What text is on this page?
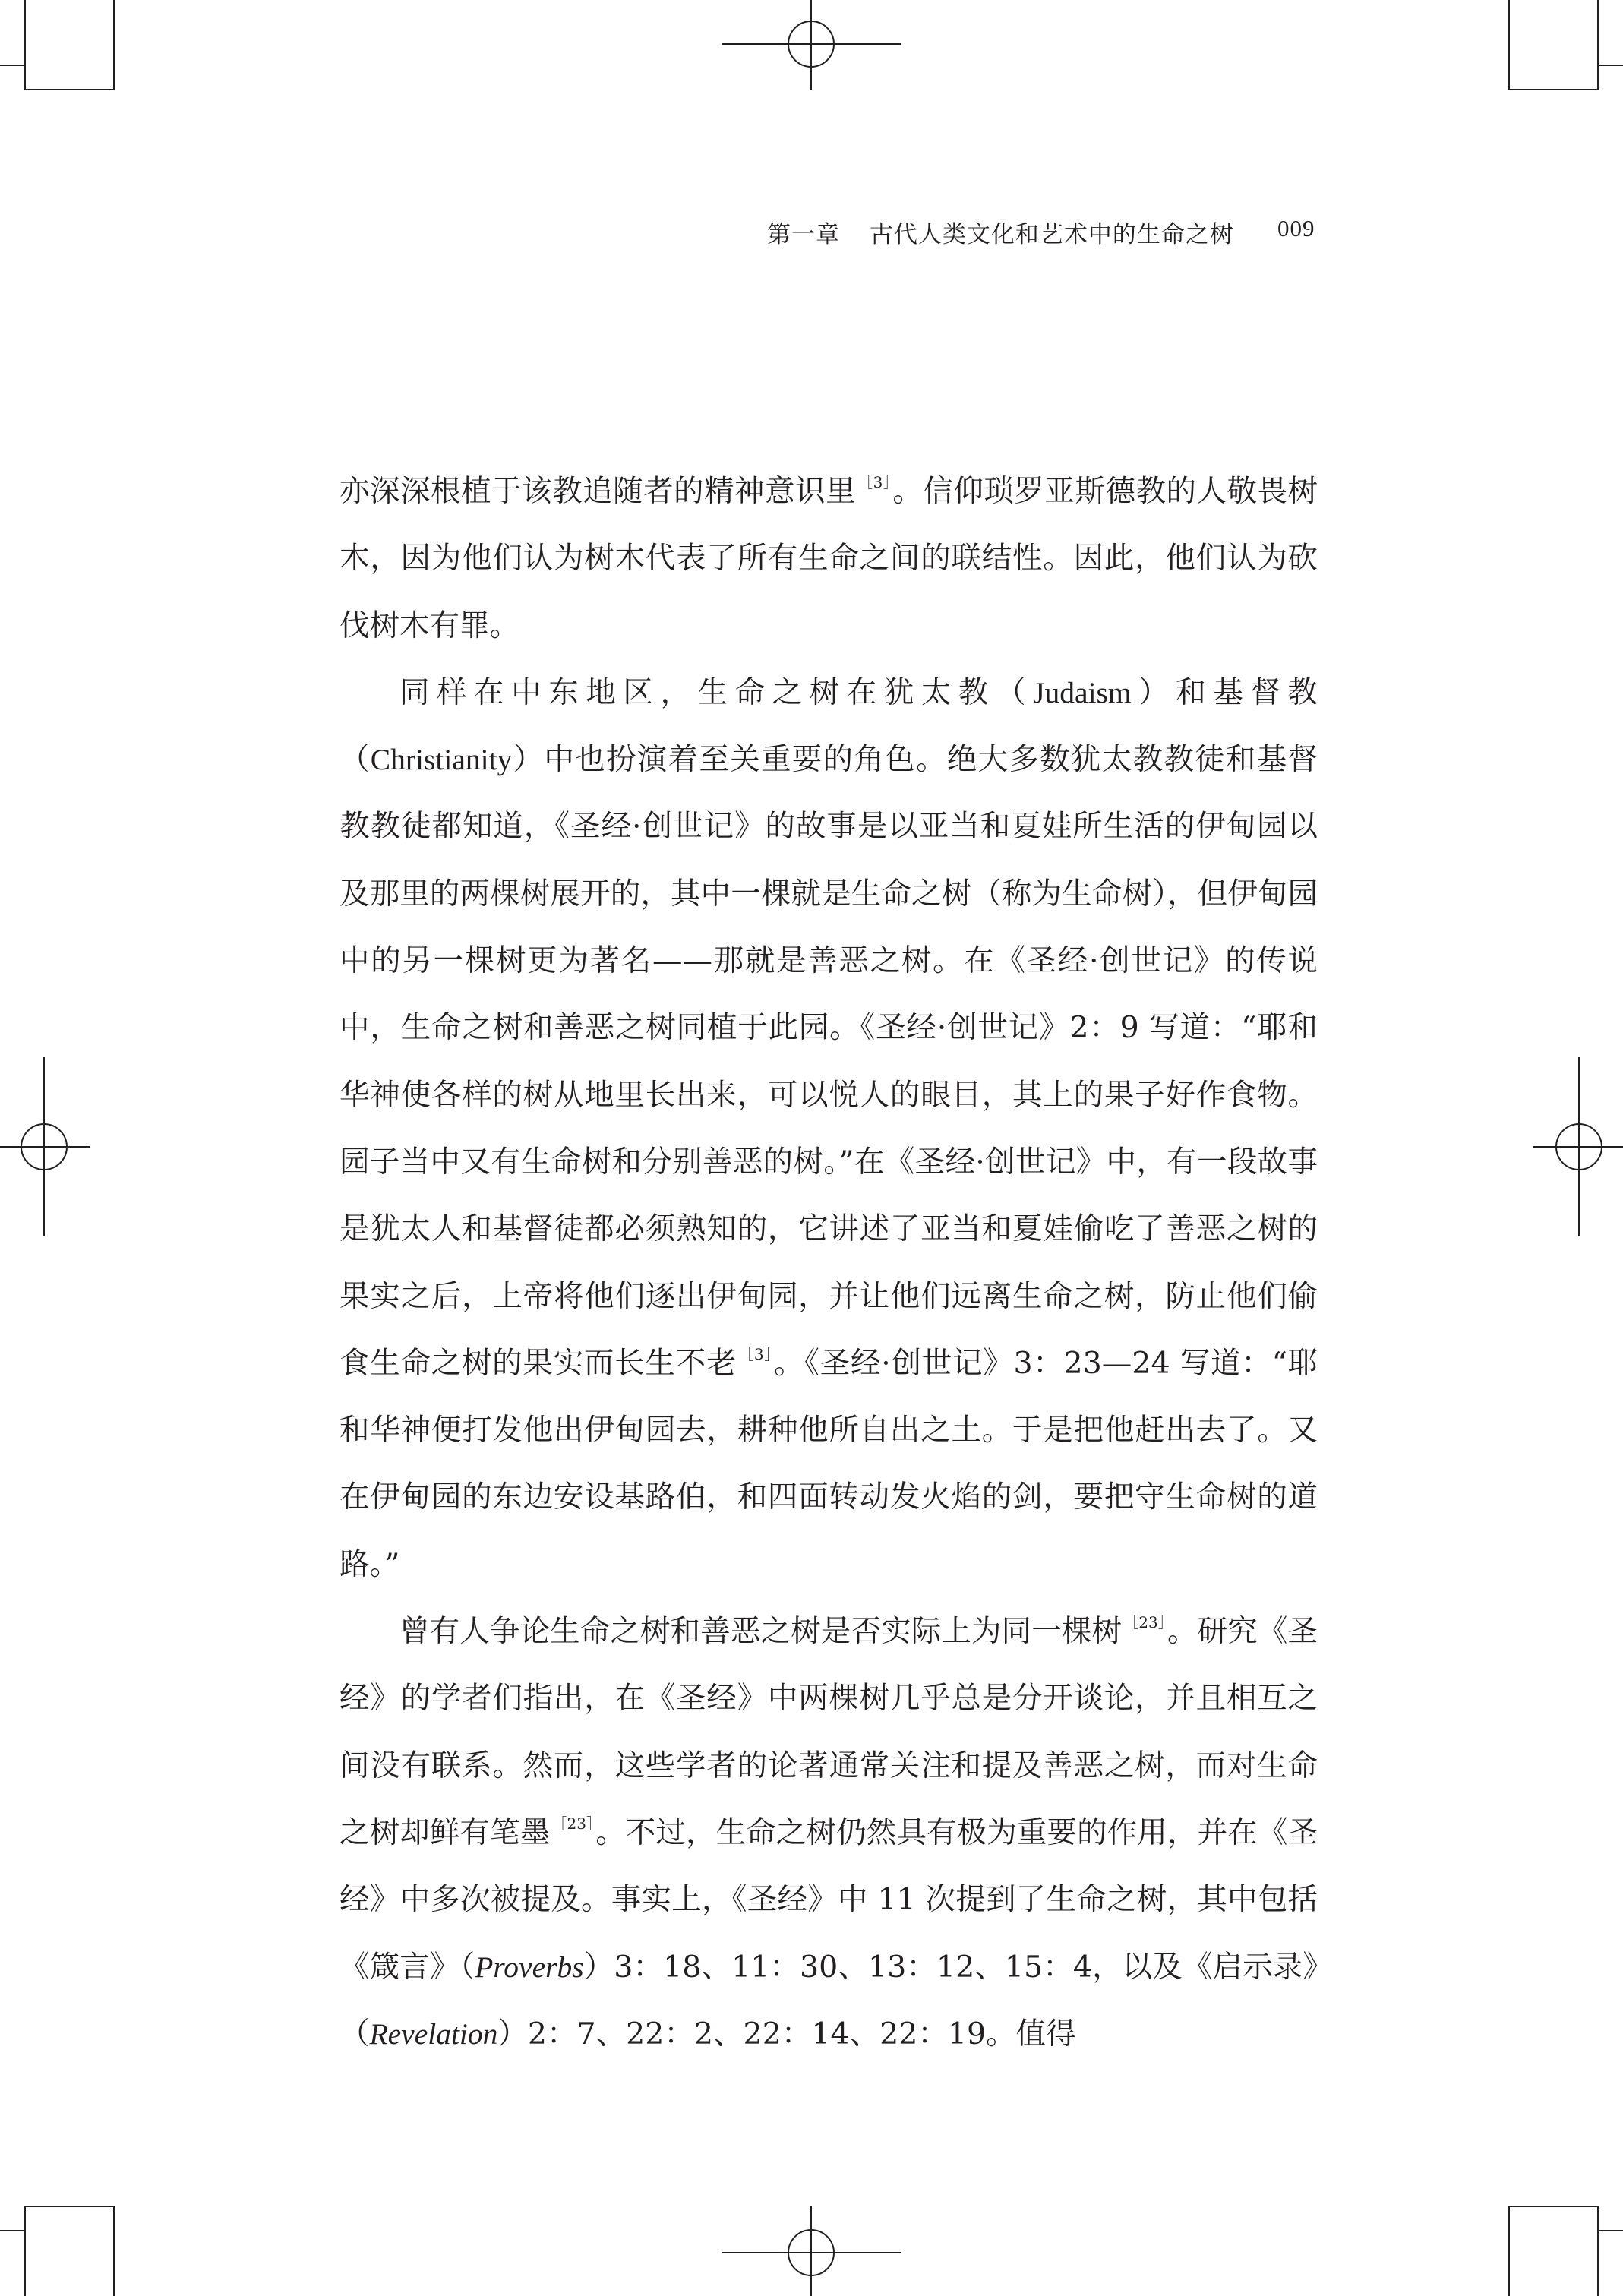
第一章 古代人类文化和艺术中的生命之树 009

亦深深根植于该教追随者的精神意识里 $^{[3]}$。信仰琐罗亚斯德教的人敬畏树木，因为他们认为树木代表了所有生命之间的联结性。因此，他们认为砍伐树木有罪。

同样在中东地区，生命之树在犹太教（Judaism）和基督教（Christianity）中也扮演着至关重要的角色。绝大多数犹太教教徒和基督教教徒都知道，《圣经·创世记》的故事是以亚当和夏娃所生活的伊甸园以及那里的两棵树展开的，其中一棵就是生命之树（称为生命树），但伊甸园中的另一棵树更为著名——那就是善恶之树。在《圣经·创世记》的传说中，生命之树和善恶之树同植于此园。《圣经·创世记》2：9 写道：“耶和华神使各样的树从地里长出来，可以悦人的眼目，其上的果子好作食物。园子当中又有生命树和分别善恶的树。”在《圣经·创世记》中，有一段故事是犹太人和基督徒都必须熟知的，它讲述了亚当和夏娃偷吃了善恶之树的果实之后，上帝将他们逐出伊甸园，并让他们远离生命之树，防止他们偷食生命之树的果实而长生不老 $^{[3]}$。《圣经·创世记》3：23—24 写道：“耶和华神便打发他出伊甸园去，耕种他所自出之土。于是把他赶出去了。又在伊甸园的东边安设基路伯，和四面转动发火焰的剑，要把守生命树的道路。”

曾有人争论生命之树和善恶之树是否实际上为同一棵树 $^{[23]}$。研究《圣经》的学者们指出，在《圣经》中两棵树几乎总是分开谈论，并且相互之间没有联系。然而，这些学者的论著通常关注和提及善恶之树，而对生命之树却鲜有笔墨 $^{[23]}$。不过，生命之树仍然具有极为重要的作用，并在《圣经》中多次被提及。事实上，《圣经》中 11 次提到了生命之树，其中包括《箴言》（Proverbs）3：18、11：30、13：12、15：4，以及《启示录》（Revelation）2：7、22：2、22：14、22：19。值得
